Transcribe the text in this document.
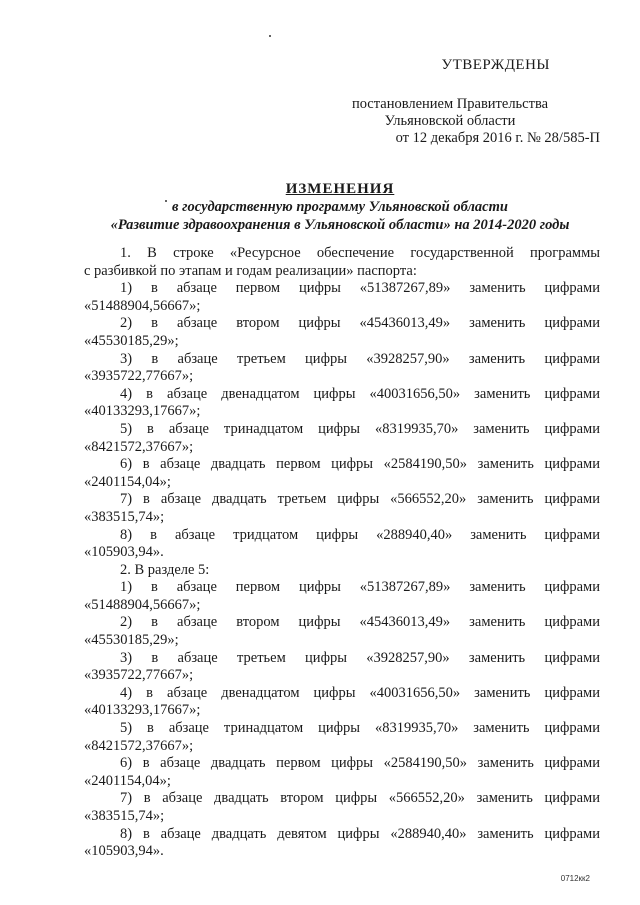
УТВЕРЖДЕНЫ
постановлением Правительства
Ульяновской области
от 12 декабря 2016 г. № 28/585-П
ИЗМЕНЕНИЯ
в государственную программу Ульяновской области
«Развитие здравоохранения в Ульяновской области» на 2014-2020 годы

1. В строке «Ресурсное обеспечение государственной программы

с разбивкой по этапам и годам реализации» паспорта:

1) в абзаце первом цифры «51387267,89» заменить цифрами

«51488904,56667»;

2) в абзаце втором цифры «45436013,49» заменить цифрами

«45530185,29»;

3) в абзаце третьем цифры «3928257,90» заменить цифрами

«3935722,77667»;

4) в абзаце двенадцатом цифры «40031656,50» заменить цифрами

«40133293,17667»;

5) в абзаце тринадцатом цифры «8319935,70» заменить цифрами

«8421572,37667»;

6) в абзаце двадцать первом цифры «2584190,50» заменить цифрами

«2401154,04»;

7) в абзаце двадцать третьем цифры «566552,20» заменить цифрами

«383515,74»;

8) в абзаце тридцатом цифры «288940,40» заменить цифрами

«105903,94».

2. В разделе 5:

1) в абзаце первом цифры «51387267,89» заменить цифрами

«51488904,56667»;

2) в абзаце втором цифры «45436013,49» заменить цифрами

«45530185,29»;

3) в абзаце третьем цифры «3928257,90» заменить цифрами

«3935722,77667»;

4) в абзаце двенадцатом цифры «40031656,50» заменить цифрами

«40133293,17667»;

5) в абзаце тринадцатом цифры «8319935,70» заменить цифрами

«8421572,37667»;

6) в абзаце двадцать первом цифры «2584190,50» заменить цифрами

«2401154,04»;

7) в абзаце двадцать втором цифры «566552,20» заменить цифрами

«383515,74»;

8) в абзаце двадцать девятом цифры «288940,40» заменить цифрами

«105903,94».

0712кк2
